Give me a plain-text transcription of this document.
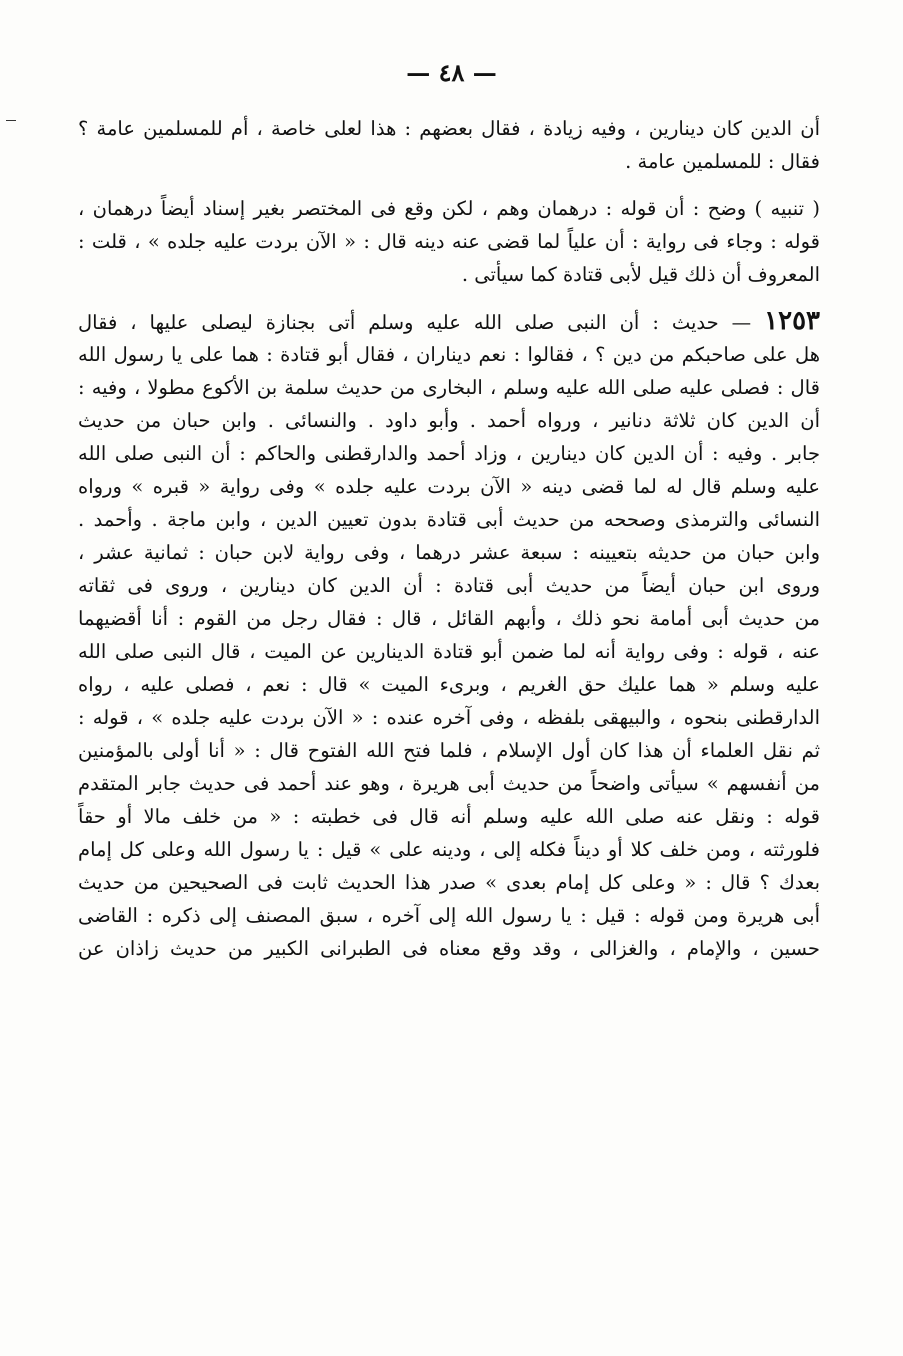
— ٤٨ —
أن الدين كان دينارين ، وفيه زيادة ، فقال بعضهم : هذا لعلى خاصة ، أم للمسلمين عامة ؟
فقال : للمسلمين عامة .
( تنبيه ) وضح : أن قوله : درهمان وهم ، لكن وقع فى المختصر بغير إسناد أيضاً درهمان ،
قوله : وجاء فى رواية : أن علياً لما قضى عنه دينه قال : « الآن بردت عليه جلده » ، قلت :
المعروف أن ذلك قيل لأبى قتادة كما سيأتى .
١٢٥٣ — حديث : أن النبى صلى الله عليه وسلم أتى بجنازة ليصلى عليها ، فقال
هل على صاحبكم من دين ؟ ، فقالوا : نعم ديناران ، فقال أبو قتادة : هما على يا رسول الله
قال : فصلى عليه صلى الله عليه وسلم ، البخارى من حديث سلمة بن الأكوع مطولا ، وفيه :
أن الدين كان ثلاثة دنانير ، ورواه أحمد . وأبو داود . والنسائى . وابن حبان من حديث
جابر . وفيه : أن الدين كان دينارين ، وزاد أحمد والدارقطنى والحاكم : أن النبى صلى الله
عليه وسلم قال له لما قضى دينه « الآن بردت عليه جلده » وفى رواية « قبره » ورواه
النسائى والترمذى وصححه من حديث أبى قتادة بدون تعيين الدين ، وابن ماجة . وأحمد .
وابن حبان من حديثه بتعيينه : سبعة عشر درهما ، وفى رواية لابن حبان : ثمانية عشر ،
وروى ابن حبان أيضاً من حديث أبى قتادة : أن الدين كان دينارين ، وروى فى ثقاته
من حديث أبى أمامة نحو ذلك ، وأبهم القائل ، قال : فقال رجل من القوم : أنا أقضيهما
عنه ، قوله : وفى رواية أنه لما ضمن أبو قتادة الدينارين عن الميت ، قال النبى صلى الله
عليه وسلم « هما عليك حق الغريم ، وبرىء الميت » قال : نعم ، فصلى عليه ، رواه
الدارقطنى بنحوه ، والبيهقى بلفظه ، وفى آخره عنده : « الآن بردت عليه جلده » ، قوله :
ثم نقل العلماء أن هذا كان أول الإسلام ، فلما فتح الله الفتوح قال : « أنا أولى بالمؤمنين
من أنفسهم » سيأتى واضحاً من حديث أبى هريرة ، وهو عند أحمد فى حديث جابر المتقدم
قوله : ونقل عنه صلى الله عليه وسلم أنه قال فى خطبته : « من خلف مالا أو حقاً
فلورثته ، ومن خلف كلا أو ديناً فكله إلى ، ودينه على » قيل : يا رسول الله وعلى كل إمام
بعدك ؟ قال : « وعلى كل إمام بعدى » صدر هذا الحديث ثابت فى الصحيحين من حديث
أبى هريرة ومن قوله : قيل : يا رسول الله إلى آخره ، سبق المصنف إلى ذكره : القاضى
حسين ، والإمام ، والغزالى ، وقد وقع معناه فى الطبرانى الكبير من حديث زاذان عن
